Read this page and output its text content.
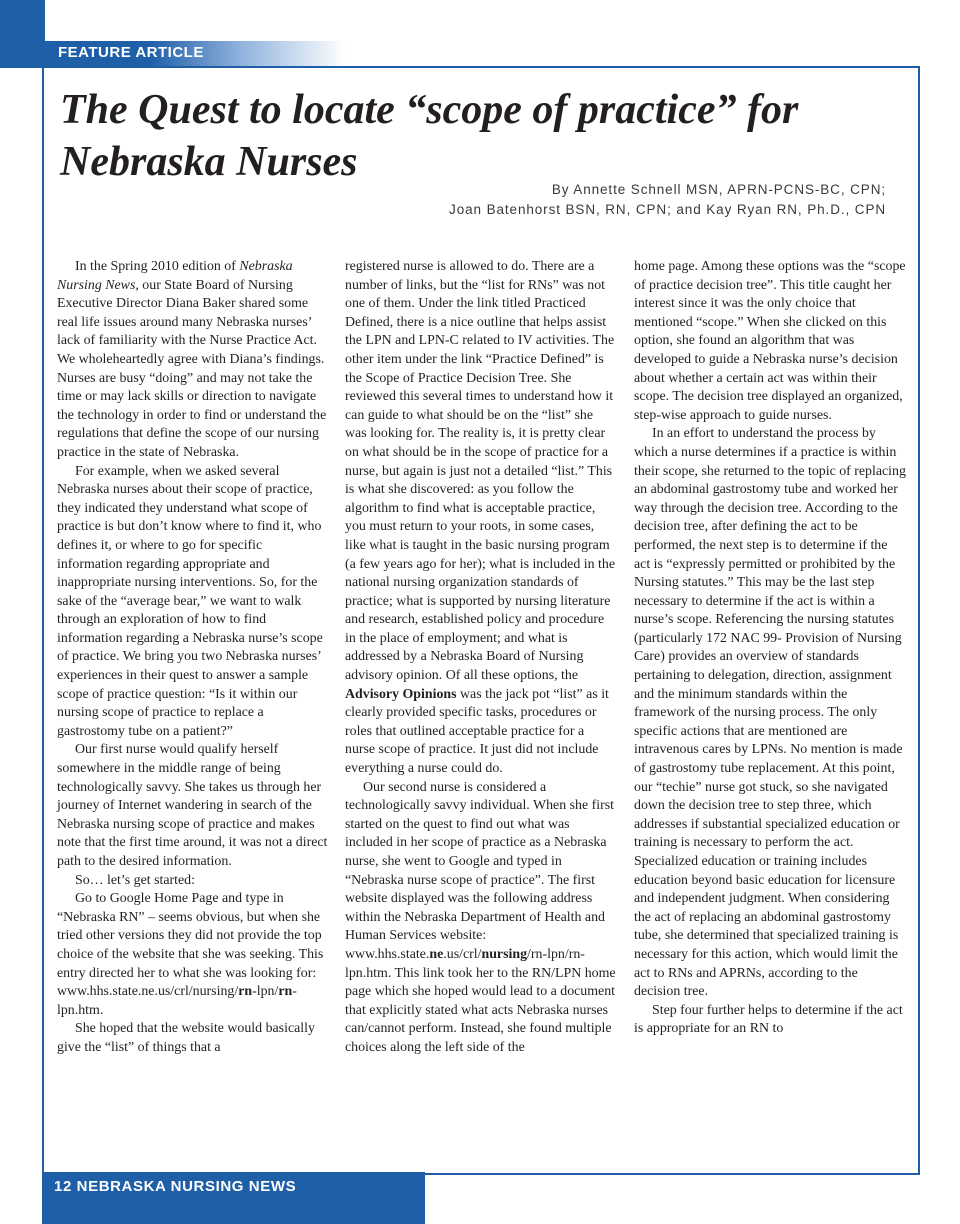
FEATURE ARTICLE
The Quest to locate “scope of practice” for Nebraska Nurses
By Annette Schnell MSN, APRN-PCNS-BC, CPN;
Joan Batenhorst BSN, RN, CPN; and Kay Ryan RN, Ph.D., CPN

In the Spring 2010 edition of Nebraska Nursing News, our State Board of Nursing Executive Director Diana Baker shared some real life issues around many Nebraska nurses’ lack of familiarity with the Nurse Practice Act. We wholeheartedly agree with Diana’s findings. Nurses are busy “doing” and may not take the time or may lack skills or direction to navigate the technology in order to find or understand the regulations that define the scope of our nursing practice in the state of Nebraska.

For example, when we asked several Nebraska nurses about their scope of practice, they indicated they understand what scope of practice is but don’t know where to find it, who defines it, or where to go for specific information regarding appropriate and inappropriate nursing interventions. So, for the sake of the “average bear,” we want to walk through an exploration of how to find information regarding a Nebraska nurse’s scope of practice. We bring you two Nebraska nurses’ experiences in their quest to answer a sample scope of practice question: “Is it within our nursing scope of practice to replace a gastrostomy tube on a patient?”

Our first nurse would qualify herself somewhere in the middle range of being technologically savvy. She takes us through her journey of Internet wandering in search of the Nebraska nursing scope of practice and makes note that the first time around, it was not a direct path to the desired information.

So… let’s get started:

Go to Google Home Page and type in “Nebraska RN” – seems obvious, but when she tried other versions they did not provide the top choice of the website that she was seeking. This entry directed her to what she was looking for: www.hhs.state.ne.us/crl/nursing/rn-lpn/rn-lpn.htm.

She hoped that the website would basically give the “list” of things that a

registered nurse is allowed to do. There are a number of links, but the “list for RNs” was not one of them. Under the link titled Practiced Defined, there is a nice outline that helps assist the LPN and LPN-C related to IV activities. The other item under the link “Practice Defined” is the Scope of Practice Decision Tree. She reviewed this several times to understand how it can guide to what should be on the “list” she was looking for. The reality is, it is pretty clear on what should be in the scope of practice for a nurse, but again is just not a detailed “list.” This is what she discovered: as you follow the algorithm to find what is acceptable practice, you must return to your roots, in some cases, like what is taught in the basic nursing program (a few years ago for her); what is included in the national nursing organization standards of practice; what is supported by nursing literature and research, established policy and procedure in the place of employment; and what is addressed by a Nebraska Board of Nursing advisory opinion. Of all these options, the Advisory Opinions was the jack pot “list” as it clearly provided specific tasks, procedures or roles that outlined acceptable practice for a nurse scope of practice. It just did not include everything a nurse could do.

Our second nurse is considered a technologically savvy individual. When she first started on the quest to find out what was included in her scope of practice as a Nebraska nurse, she went to Google and typed in “Nebraska nurse scope of practice”. The first website displayed was the following address within the Nebraska Department of Health and Human Services website: www.hhs.state.ne.us/crl/nursing/rn-lpn/rn-lpn.htm. This link took her to the RN/LPN home page which she hoped would lead to a document that explicitly stated what acts Nebraska nurses can/cannot perform. Instead, she found multiple choices along the left side of the

home page. Among these options was the “scope of practice decision tree”. This title caught her interest since it was the only choice that mentioned “scope.” When she clicked on this option, she found an algorithm that was developed to guide a Nebraska nurse’s decision about whether a certain act was within their scope. The decision tree displayed an organized, step-wise approach to guide nurses.

In an effort to understand the process by which a nurse determines if a practice is within their scope, she returned to the topic of replacing an abdominal gastrostomy tube and worked her way through the decision tree. According to the decision tree, after defining the act to be performed, the next step is to determine if the act is “expressly permitted or prohibited by the Nursing statutes.” This may be the last step necessary to determine if the act is within a nurse’s scope. Referencing the nursing statutes (particularly 172 NAC 99- Provision of Nursing Care) provides an overview of standards pertaining to delegation, direction, assignment and the minimum standards within the framework of the nursing process. The only specific actions that are mentioned are intravenous cares by LPNs. No mention is made of gastrostomy tube replacement. At this point, our “techie” nurse got stuck, so she navigated down the decision tree to step three, which addresses if substantial specialized education or training is necessary to perform the act. Specialized education or training includes education beyond basic education for licensure and independent judgment. When considering the act of replacing an abdominal gastrostomy tube, she determined that specialized training is necessary for this action, which would limit the act to RNs and APRNs, according to the decision tree.

Step four further helps to determine if the act is appropriate for an RN to

12 NEBRASKA NURSING NEWS
